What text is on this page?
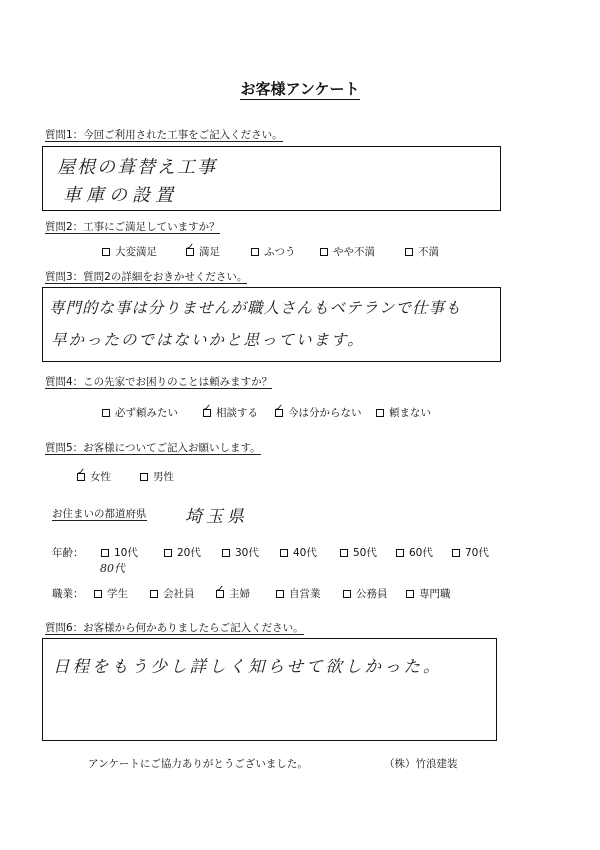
お客様アンケート
質問1：今回ご利用された工事をご記入ください。
屋根の葺替え工事
車庫の設置
質問2：工事にご満足していますか？
大変満足 ✓	満足	ふつう	やや不満	不満
質問3：質問2の詳細をおきかせください。
専門的な事は分りませんが職人さんもベテランで仕事も
早かったのではないかと思っています。
質問4：この先家でお困りのことは頼みますか？
必ず頼みたい ✓	相談する ✓	今は分からない	頼まない
質問5：お客様についてご記入お願いします。
✓
女性	男性
お住まいの都道府県 埼玉県
年齢：	10代	20代	30代	40代	50代	60代	70代
80代
職業： 学生	会社員 ✓	主婦	自営業	公務員	専門職
質問6：お客様から何かありましたらご記入ください。
日程をもう少し詳しく知らせて欲しかった。
アンケートにご協力ありがとうございました。	（株）竹浪建装
